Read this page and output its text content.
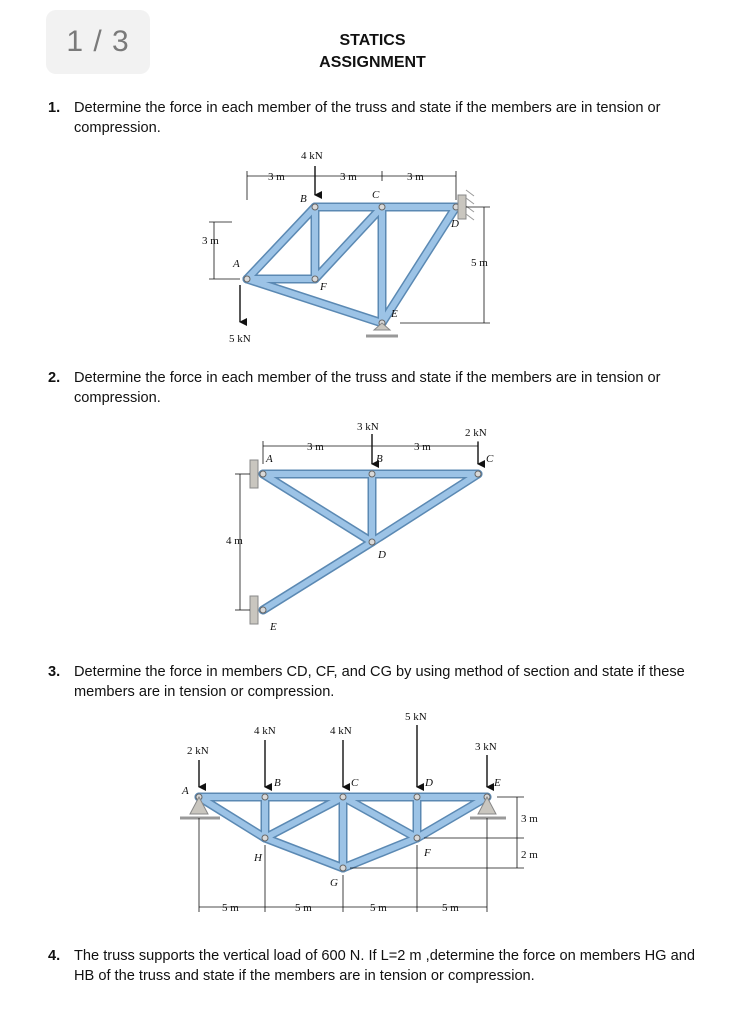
1 / 3	STATICS
ASSIGNMENT
1. Determine the force in each member of the truss and state if the members are in tension or compression.
4 kN
5 kN
3 m	3 m	3 m
3 m
5 m
A
B	C
D
E
F
2. Determine the force in each member of the truss and state if the members are in tension or compression.
3 kN	2 kN
3 m	3 m
4 m
A	B	C
D
E
3. Determine the force in members CD, CF, and CG by using method of section and state if these members are in tension or compression.
2 kN
4 kN	4 kN
5 kN
3 kN
5 m	5 m	5 m	5 m
3 m
2 m
A
B	C	D	E
F
G
H
4. The truss supports the vertical load of 600 N. If L=2 m ,determine the force on members HG and HB of the truss and state if the members are in tension or compression.
